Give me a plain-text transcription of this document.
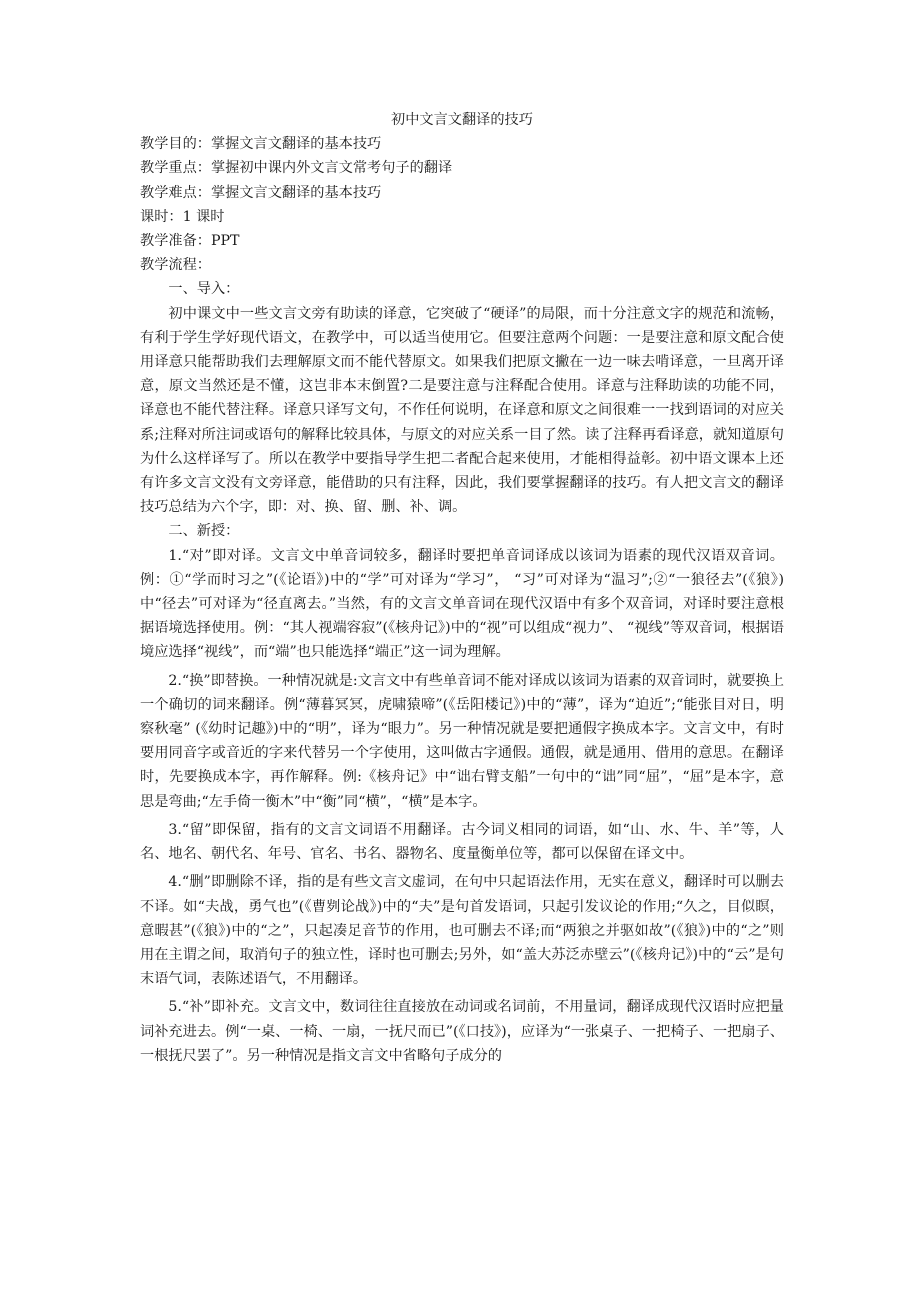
初中文言文翻译的技巧

教学目的：掌握文言文翻译的基本技巧

教学重点：掌握初中课内外文言文常考句子的翻译

教学难点：掌握文言文翻译的基本技巧

课时：1 课时

教学准备：PPT

教学流程：

一、导入：

初中课文中一些文言文旁有助读的译意，它突破了“硬译”的局限，而十分注意文字的规范和流畅，有利于学生学好现代语文，在教学中，可以适当使用它。但要注意两个问题：一是要注意和原文配合使用译意只能帮助我们去理解原文而不能代替原文。如果我们把原文撇在一边一味去啃译意，一旦离开译意，原文当然还是不懂，这岂非本末倒置?二是要注意与注释配合使用。译意与注释助读的功能不同，译意也不能代替注释。译意只译写文句，不作任何说明，在译意和原文之间很难一一找到语词的对应关系;注释对所注词或语句的解释比较具体，与原文的对应关系一目了然。读了注释再看译意，就知道原句为什么这样译写了。所以在教学中要指导学生把二者配合起来使用，才能相得益彰。初中语文课本上还有许多文言文没有文旁译意，能借助的只有注释，因此，我们要掌握翻译的技巧。有人把文言文的翻译技巧总结为六个字，即：对、换、留、删、补、调。

二、新授：

1.“对”即对译。文言文中单音词较多，翻译时要把单音词译成以该词为语素的现代汉语双音词。例：①“学而时习之”(《论语》)中的“学”可对译为“学习”， “习”可对译为“温习”;②“一狼径去”(《狼》)中“径去”可对译为“径直离去。”当然，有的文言文单音词在现代汉语中有多个双音词，对译时要注意根据语境选择使用。例：“其人视端容寂”(《核舟记》)中的“视”可以组成“视力”、 “视线”等双音词，根据语境应选择“视线”，而“端”也只能选择“端正”这一词为理解。

2.“换”即替换。一种情况就是:文言文中有些单音词不能对译成以该词为语素的双音词时，就要换上一个确切的词来翻译。例“薄暮冥冥，虎啸猿啼”(《岳阳楼记》)中的“薄”，译为“迫近”;“能张目对日，明察秋毫” (《幼时记趣》)中的“明”，译为“眼力”。另一种情况就是要把通假字换成本字。文言文中，有时要用同音字或音近的字来代替另一个字使用，这叫做古字通假。通假，就是通用、借用的意思。在翻译时，先要换成本字，再作解释。例:《核舟记》中“诎右臂支船”一句中的“诎”同“屈”，“屈”是本字，意思是弯曲;“左手倚一衡木”中“衡”同“横”，“横”是本字。

3.“留”即保留，指有的文言文词语不用翻译。古今词义相同的词语，如“山、水、牛、羊”等，人名、地名、朝代名、年号、官名、书名、器物名、度量衡单位等，都可以保留在译文中。

4.“删”即删除不译，指的是有些文言文虚词，在句中只起语法作用，无实在意义，翻译时可以删去不译。如“夫战，勇气也”(《曹刿论战》)中的“夫”是句首发语词，只起引发议论的作用;“久之，目似瞑，意暇甚”(《狼》)中的“之”，只起凑足音节的作用，也可删去不译;而“两狼之并驱如故”(《狼》)中的“之”则用在主谓之间，取消句子的独立性，译时也可删去;另外，如“盖大苏泛赤壁云”(《核舟记》)中的“云”是句末语气词，表陈述语气，不用翻译。

5.“补”即补充。文言文中，数词往往直接放在动词或名词前，不用量词，翻译成现代汉语时应把量词补充进去。例“一桌、一椅、一扇，一抚尺而已”(《口技》)，应译为“一张桌子、一把椅子、一把扇子、一根抚尺罢了”。另一种情况是指文言文中省略句子成分的
